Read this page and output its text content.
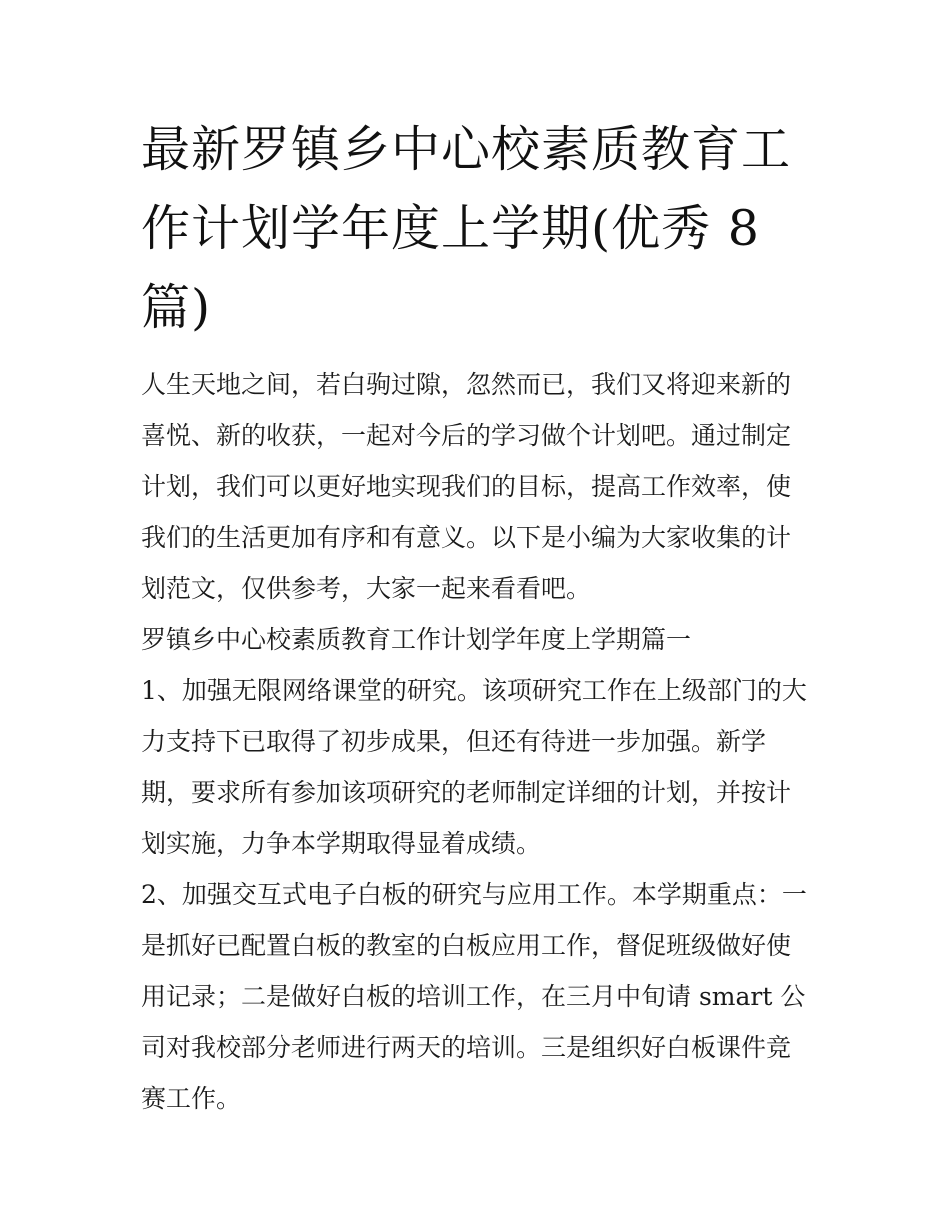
最新罗镇乡中心校素质教育工作计划学年度上学期(优秀 8 篇)

人生天地之间，若白驹过隙，忽然而已，我们又将迎来新的喜悦、新的收获，一起对今后的学习做个计划吧。通过制定计划，我们可以更好地实现我们的目标，提高工作效率，使我们的生活更加有序和有意义。以下是小编为大家收集的计划范文，仅供参考，大家一起来看看吧。

罗镇乡中心校素质教育工作计划学年度上学期篇一

1、加强无限网络课堂的研究。该项研究工作在上级部门的大力支持下已取得了初步成果，但还有待进一步加强。新学期，要求所有参加该项研究的老师制定详细的计划，并按计划实施，力争本学期取得显着成绩。

2、加强交互式电子白板的研究与应用工作。本学期重点：一是抓好已配置白板的教室的白板应用工作，督促班级做好使用记录；二是做好白板的培训工作，在三月中旬请 smart 公司对我校部分老师进行两天的培训。三是组织好白板课件竞赛工作。
